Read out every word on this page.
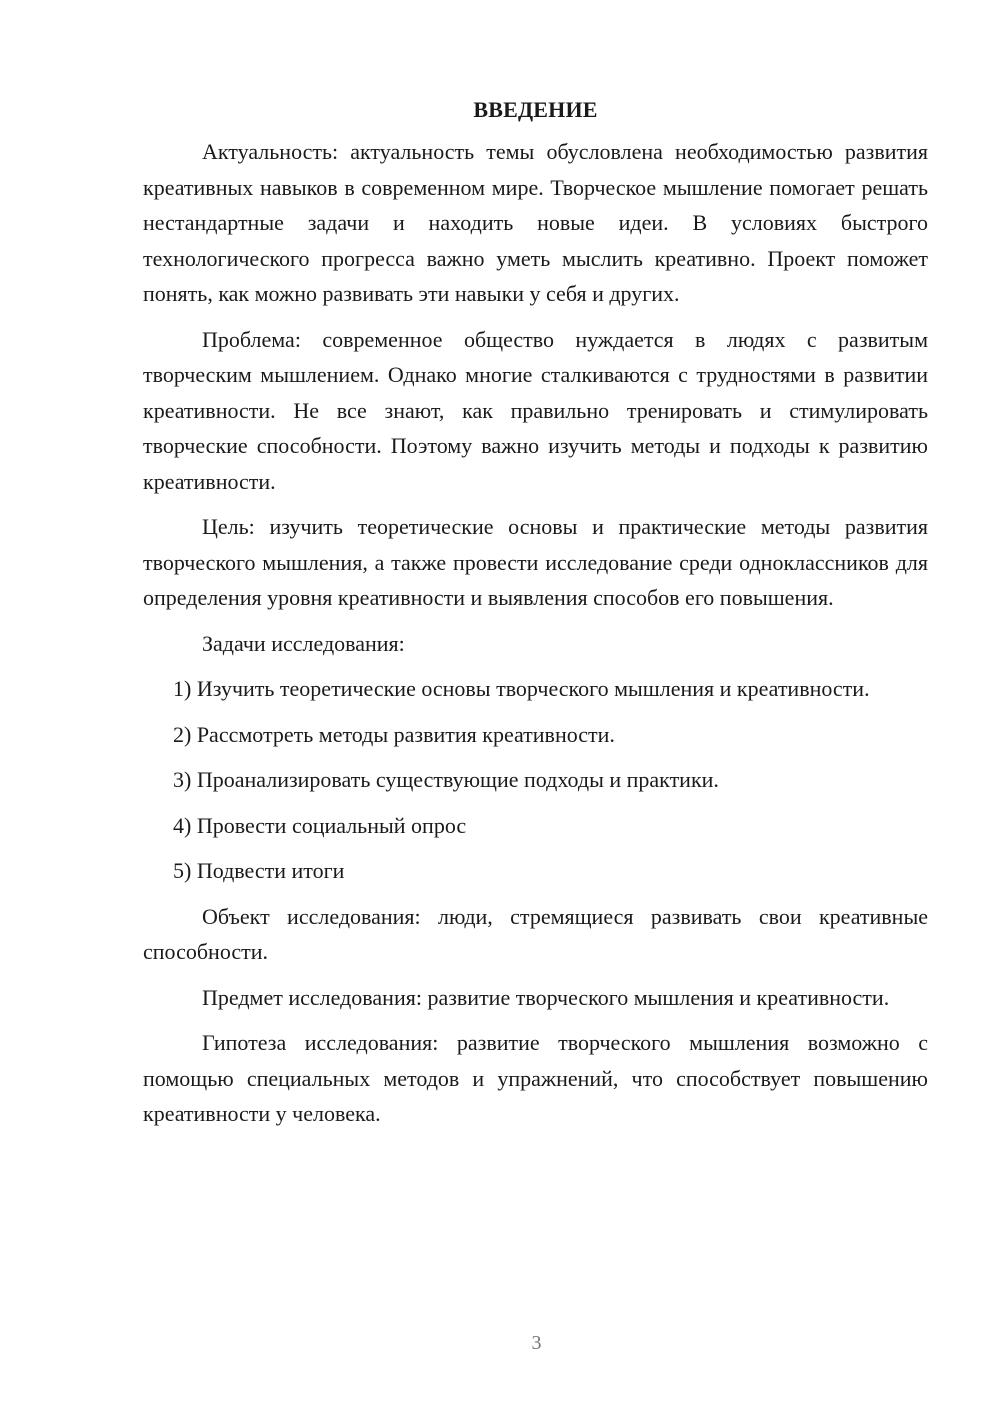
ВВЕДЕНИЕ

Актуальность: актуальность темы обусловлена необходимостью развития креативных навыков в современном мире. Творческое мышление помогает решать нестандартные задачи и находить новые идеи. В условиях быстрого технологического прогресса важно уметь мыслить креативно. Проект поможет понять, как можно развивать эти навыки у себя и других.

Проблема: современное общество нуждается в людях с развитым творческим мышлением. Однако многие сталкиваются с трудностями в развитии креативности. Не все знают, как правильно тренировать и стимулировать творческие способности. Поэтому важно изучить методы и подходы к развитию креативности.

Цель: изучить теоретические основы и практические методы развития творческого мышления, а также провести исследование среди одноклассников для определения уровня креативности и выявления способов его повышения.

Задачи исследования:

1) Изучить теоретические основы творческого мышления и креативности.

2) Рассмотреть методы развития креативности.

3) Проанализировать существующие подходы и практики.

4) Провести социальный опрос

5) Подвести итоги

Объект исследования: люди, стремящиеся развивать свои креативные способности.

Предмет исследования: развитие творческого мышления и креативности.

Гипотеза исследования: развитие творческого мышления возможно с помощью специальных методов и упражнений, что способствует повышению креативности у человека.

3
